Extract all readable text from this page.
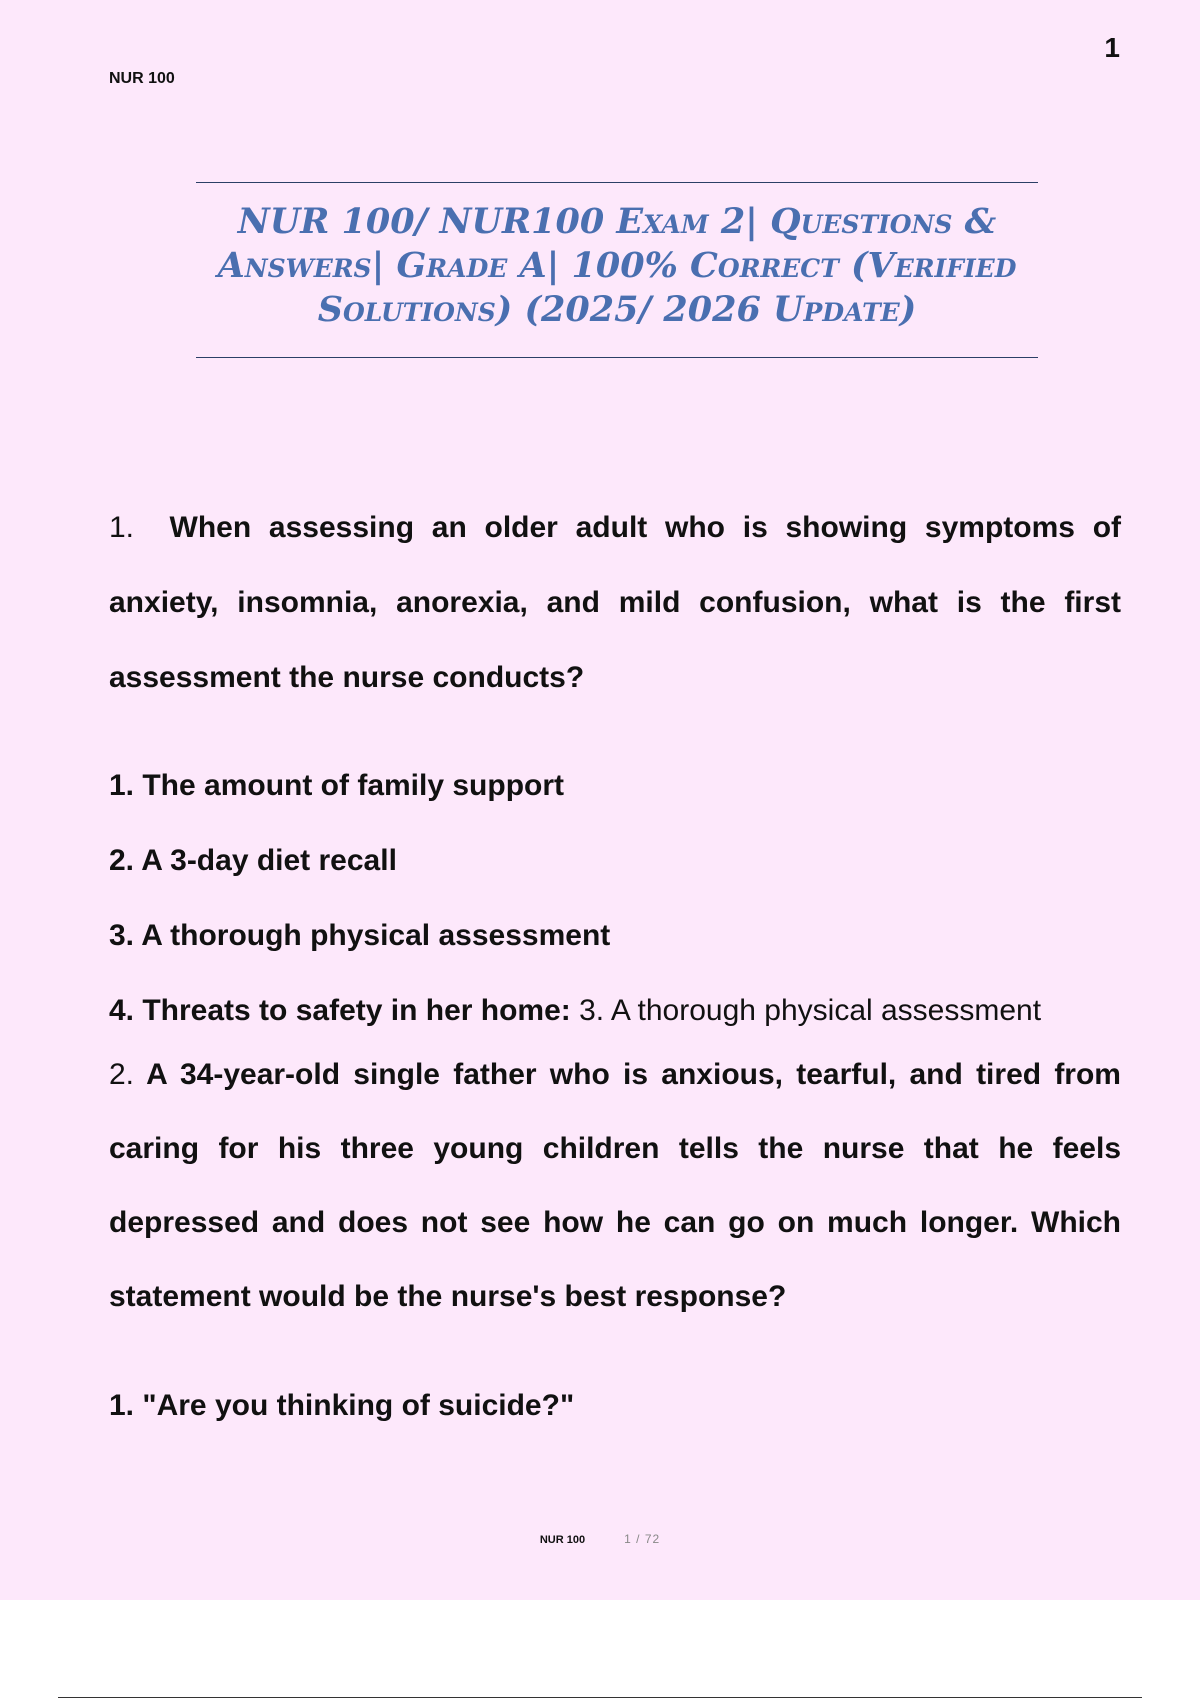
NUR 100
1
NUR 100/ NUR100 Exam 2| Questions & Answers| Grade A| 100% Correct (Verified Solutions) (2025/ 2026 Update)
1. When assessing an older adult who is showing symptoms of anxiety, insomnia, anorexia, and mild confusion, what is the first assessment the nurse conducts?
1. The amount of family support
2. A 3-day diet recall
3. A thorough physical assessment
4. Threats to safety in her home: 3. A thorough physical assessment
2. A 34-year-old single father who is anxious, tearful, and tired from caring for his three young children tells the nurse that he feels depressed and does not see how he can go on much longer. Which statement would be the nurse's best response?
1. "Are you thinking of suicide?"
NUR 100	1 / 72
